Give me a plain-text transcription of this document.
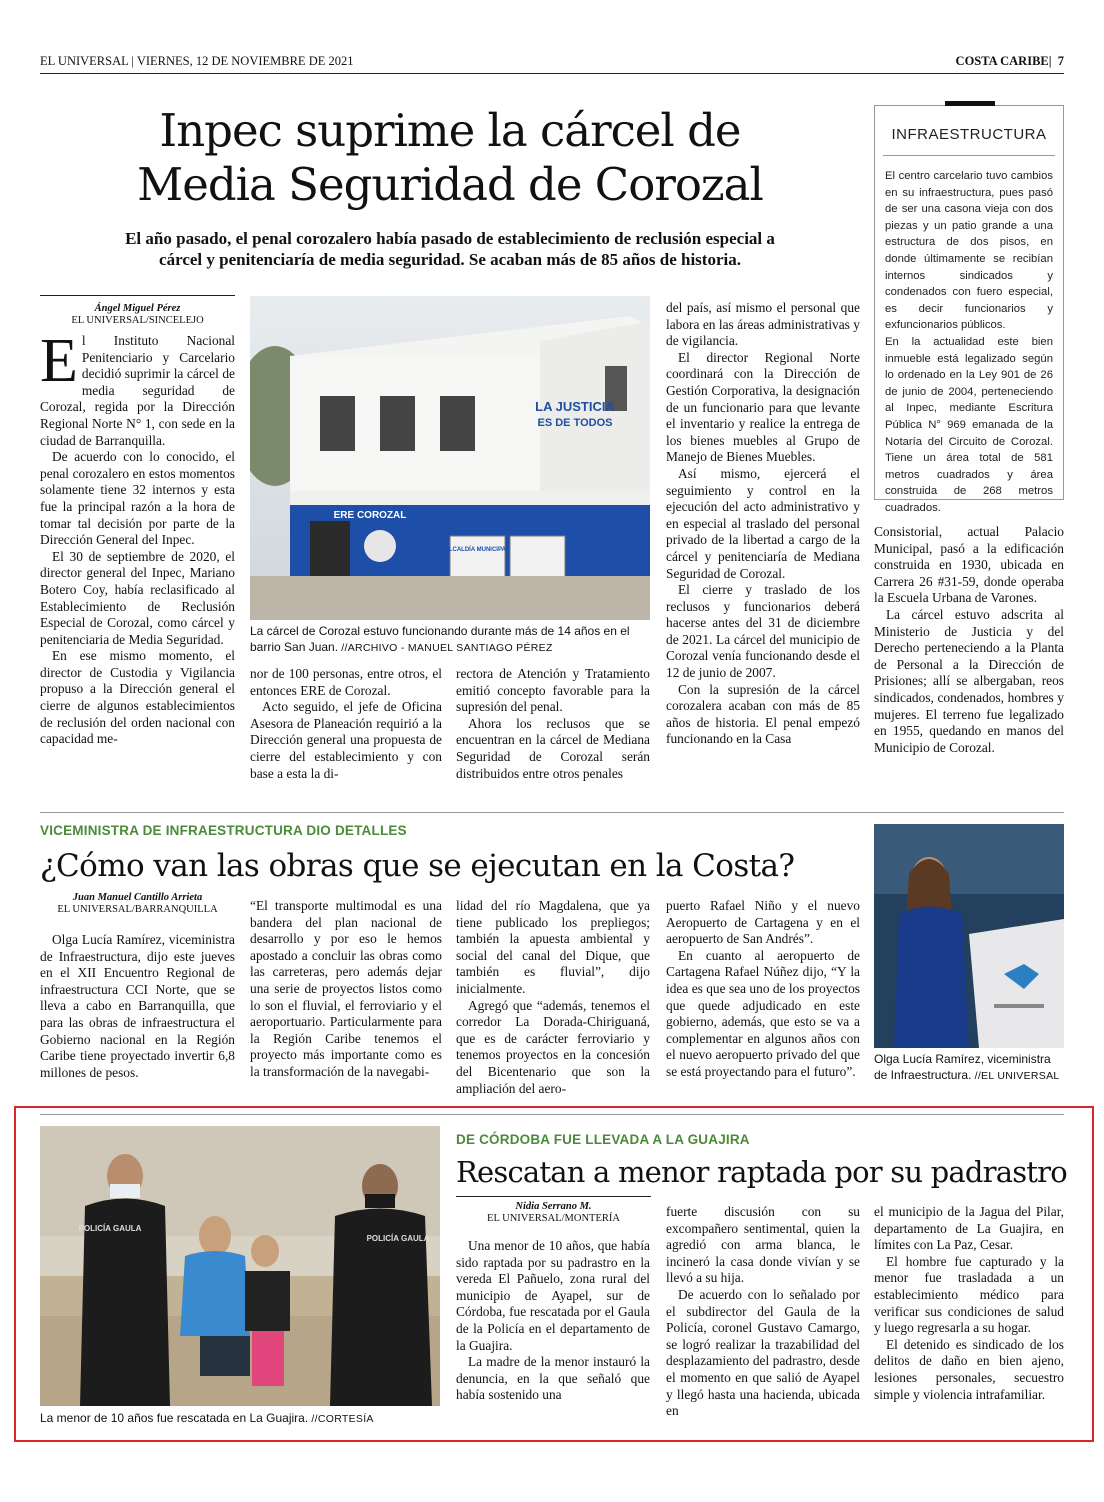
EL UNIVERSAL | VIERNES, 12 DE NOVIEMBRE DE 2021	COSTA CARIBE| 7
Inpec suprime la cárcel de
Media Seguridad de Corozal
El año pasado, el penal corozalero había pasado de establecimiento de reclusión especial a
cárcel y penitenciaría de media seguridad. Se acaban más de 85 años de historia.
Ángel Miguel Pérez
EL UNIVERSAL/SINCELEJO

El Instituto Nacional Penitenciario y Carcelario decidió suprimir la cárcel de media seguridad de Corozal, regida por la Dirección Regional Norte N° 1, con sede en la ciudad de Barranquilla.

De acuerdo con lo conocido, el penal corozalero en estos momentos solamente tiene 32 internos y esta fue la principal razón a la hora de tomar tal decisión por parte de la Dirección General del Inpec.

El 30 de septiembre de 2020, el director general del Inpec, Mariano Botero Coy, había reclasificado al Establecimiento de Reclusión Especial de Corozal, como cárcel y penitenciaria de Media Seguridad.

En ese mismo momento, el director de Custodia y Vigilancia propuso a la Dirección general el cierre de algunos establecimientos de reclusión del orden nacional con capacidad me-

LA JUSTICIA
ES DE TODOS
ERE COROZAL
ALCALDÍA MUNICIPAL
La cárcel de Corozal estuvo funcionando durante más de 14 años en el barrio San Juan. //ARCHIVO - MANUEL SANTIAGO PÉREZ

nor de 100 personas, entre otros, el entonces ERE de Corozal.

Acto seguido, el jefe de Oficina Asesora de Planeación requirió a la Dirección general una propuesta de cierre del establecimiento y con base a esta la di-

rectora de Atención y Tratamiento emitió concepto favorable para la supresión del penal.

Ahora los reclusos que se encuentran en la cárcel de Mediana Seguridad de Corozal serán distribuidos entre otros penales

del país, así mismo el personal que labora en las áreas administrativas y de vigilancia.

El director Regional Norte coordinará con la Dirección de Gestión Corporativa, la designación de un funcionario para que levante el inventario y realice la entrega de los bienes muebles al Grupo de Manejo de Bienes Muebles.

Así mismo, ejercerá el seguimiento y control en la ejecución del acto administrativo y en especial al traslado del personal privado de la libertad a cargo de la cárcel y penitenciaría de Mediana Seguridad de Corozal.

El cierre y traslado de los reclusos y funcionarios deberá hacerse antes del 31 de diciembre de 2021. La cárcel del municipio de Corozal venía funcionando desde el 12 de junio de 2007.

Con la supresión de la cárcel corozalera acaban con más de 85 años de historia. El penal empezó funcionando en la Casa

INFRAESTRUCTURA

El centro carcelario tuvo cambios en su infraestructura, pues pasó de ser una casona vieja con dos piezas y un patio grande a una estructura de dos pisos, en donde últimamente se recibían internos sindicados y condenados con fuero especial, es decir funcionarios y exfuncionarios públicos.

En la actualidad este bien inmueble está legalizado según lo ordenado en la Ley 901 de 26 de junio de 2004, perteneciendo al Inpec, mediante Escritura Pública N° 969 emanada de la Notaría del Circuito de Corozal. Tiene un área total de 581 metros cuadrados y área construida de 268 metros cuadrados.

Consistorial, actual Palacio Municipal, pasó a la edificación construida en 1930, ubicada en Carrera 26 #31-59, donde operaba la Escuela Urbana de Varones.

La cárcel estuvo adscrita al Ministerio de Justicia y del Derecho perteneciendo a la Planta de Personal a la Dirección de Prisiones; allí se albergaban, reos sindicados, condenados, hombres y mujeres. El terreno fue legalizado en 1955, quedando en manos del Municipio de Corozal.

VICEMINISTRA DE INFRAESTRUCTURA DIO DETALLES
¿Cómo van las obras que se ejecutan en la Costa?
Juan Manuel Cantillo Arrieta
EL UNIVERSAL/BARRANQUILLA

Olga Lucía Ramírez, viceministra de Infraestructura, dijo este jueves en el XII Encuentro Regional de infraestructura CCI Norte, que se lleva a cabo en Barranquilla, que para las obras de infraestructura el Gobierno nacional en la Región Caribe tiene proyectado invertir 6,8 millones de pesos.

“El transporte multimodal es una bandera del plan nacional de desarrollo y por eso le hemos apostado a concluir las obras como las carreteras, pero además dejar una serie de proyectos listos como lo son el fluvial, el ferroviario y el aeroportuario. Particularmente para la Región Caribe tenemos el proyecto más importante como es la transformación de la navegabi-

lidad del río Magdalena, que ya tiene publicado los prepliegos; también la apuesta ambiental y social del canal del Dique, que también es fluvial”, dijo inicialmente.

Agregó que “además, tenemos el corredor La Dorada-Chiriguaná, que es de carácter ferroviario y tenemos proyectos en la concesión del Bicentenario que son la ampliación del aero-

puerto Rafael Niño y el nuevo Aeropuerto de Cartagena y en el aeropuerto de San Andrés”.

En cuanto al aeropuerto de Cartagena Rafael Núñez dijo, “Y la idea es que sea uno de los proyectos que quede adjudicado en este gobierno, además, que esto se va a complementar en algunos años con el nuevo aeropuerto privado del que se está proyectando para el futuro”.

Olga Lucía Ramírez, viceministra de Infraestructura. //EL UNIVERSAL
POLICÍA GAULA
POLICÍA GAULA
La menor de 10 años fue rescatada en La Guajira. //CORTESÍA
DE CÓRDOBA FUE LLEVADA A LA GUAJIRA
Rescatan a menor raptada por su padrastro
Nidia Serrano M.
EL UNIVERSAL/MONTERÍA

Una menor de 10 años, que había sido raptada por su padrastro en la vereda El Pañuelo, zona rural del municipio de Ayapel, sur de Córdoba, fue rescatada por el Gaula de la Policía en el departamento de la Guajira.

La madre de la menor instauró la denuncia, en la que señaló que había sostenido una

fuerte discusión con su excompañero sentimental, quien la agredió con arma blanca, le incineró la casa donde vivían y se llevó a su hija.

De acuerdo con lo señalado por el subdirector del Gaula de la Policía, coronel Gustavo Camargo, se logró realizar la trazabilidad del desplazamiento del padrastro, desde el momento en que salió de Ayapel y llegó hasta una hacienda, ubicada en

el municipio de la Jagua del Pilar, departamento de La Guajira, en límites con La Paz, Cesar.

El hombre fue capturado y la menor fue trasladada a un establecimiento médico para verificar sus condiciones de salud y luego regresarla a su hogar.

El detenido es sindicado de los delitos de daño en bien ajeno, lesiones personales, secuestro simple y violencia intrafamiliar.
